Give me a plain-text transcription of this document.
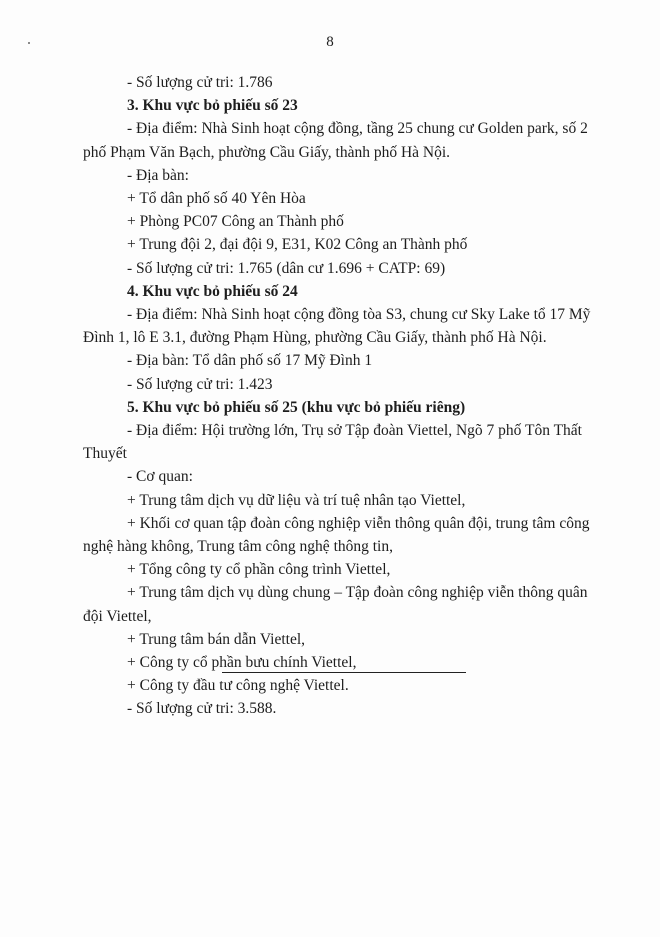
8
- Số lượng cử tri: 1.786
3. Khu vực bỏ phiếu số 23
- Địa điểm: Nhà Sinh hoạt cộng đồng, tầng 25 chung cư Golden park, số 2
phố Phạm Văn Bạch, phường Cầu Giấy, thành phố Hà Nội.
- Địa bàn:
+ Tổ dân phố số 40 Yên Hòa
+ Phòng PC07 Công an Thành phố
+ Trung đội 2, đại đội 9, E31, K02 Công an Thành phố
- Số lượng cử tri: 1.765 (dân cư 1.696 + CATP: 69)
4. Khu vực bỏ phiếu số 24
- Địa điểm: Nhà Sinh hoạt cộng đồng tòa S3, chung cư Sky Lake tổ 17 Mỹ
Đình 1, lô E 3.1, đường Phạm Hùng, phường Cầu Giấy, thành phố Hà Nội.
- Địa bàn: Tổ dân phố số 17 Mỹ Đình 1
- Số lượng cử tri: 1.423
5. Khu vực bỏ phiếu số 25 (khu vực bỏ phiếu riêng)
- Địa điểm: Hội trường lớn, Trụ sở Tập đoàn Viettel, Ngõ 7 phố Tôn Thất
Thuyết
- Cơ quan:
+ Trung tâm dịch vụ dữ liệu và trí tuệ nhân tạo Viettel,
+ Khối cơ quan tập đoàn công nghiệp viễn thông quân đội, trung tâm công
nghệ hàng không, Trung tâm công nghệ thông tin,
+ Tổng công ty cổ phần công trình Viettel,
+ Trung tâm dịch vụ dùng chung – Tập đoàn công nghiệp viễn thông quân
đội Viettel,
+ Trung tâm bán dẫn Viettel,
+ Công ty cổ phần bưu chính Viettel,
+ Công ty đầu tư công nghệ Viettel.
- Số lượng cử tri: 3.588.
